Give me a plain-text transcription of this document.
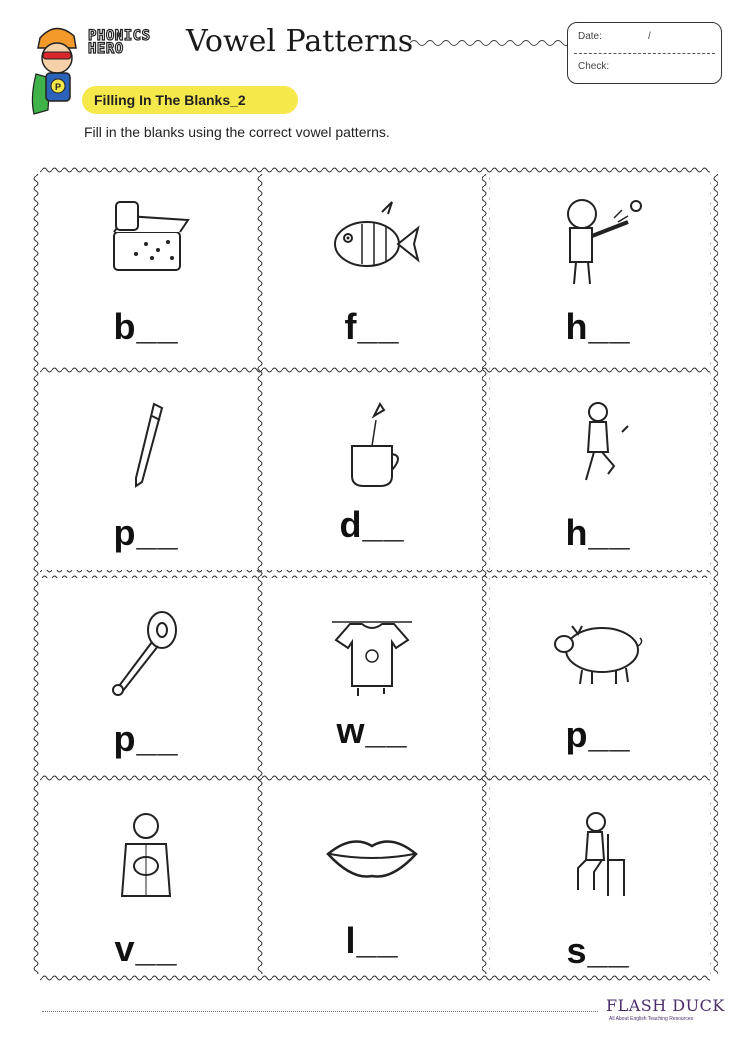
P
PHONICS
HERO	Vowel Patterns	Date:	/
Check:
Filling In The Blanks_2
Fill in the blanks using the correct vowel patterns.
b__	f__	h__
p__	d__	h__
p__	w__	p__
v__	l__	s__
FLASH DUCK
All About English Teaching Resources
